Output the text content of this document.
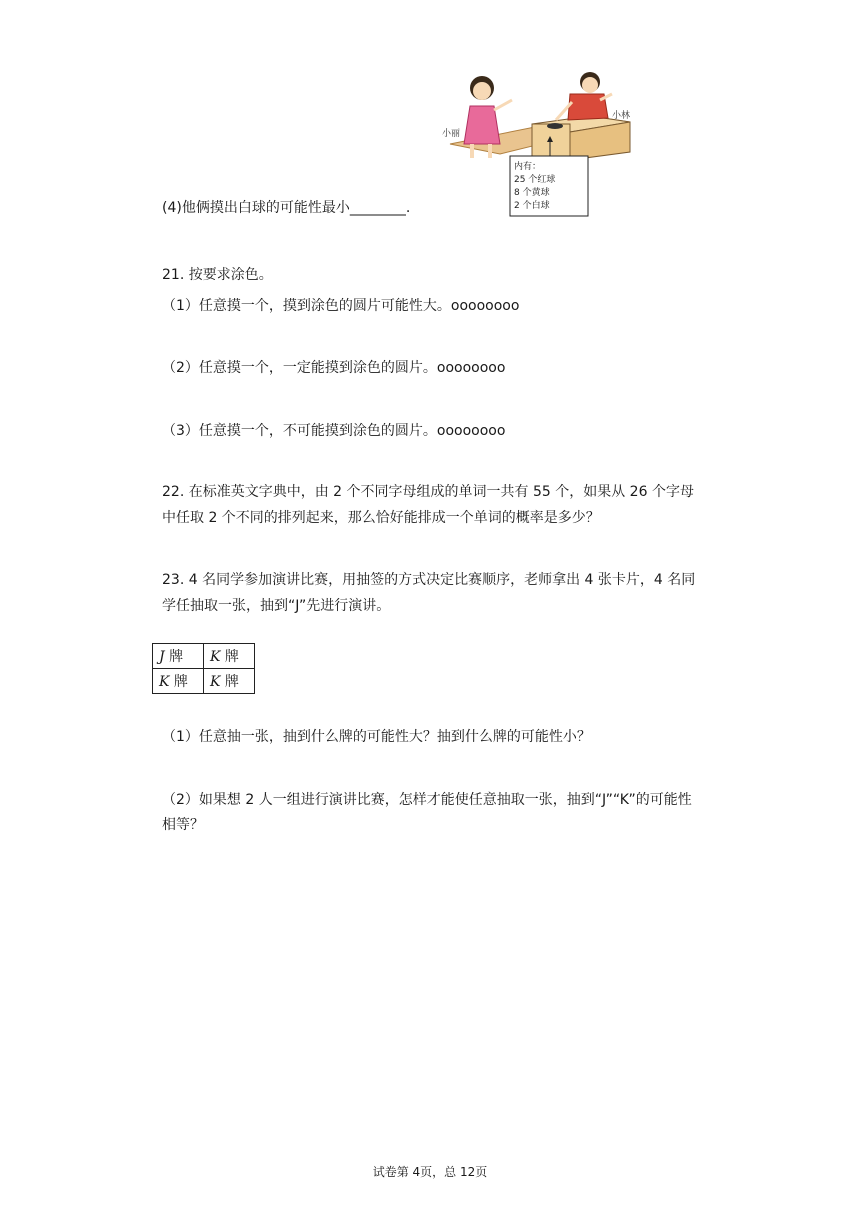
小丽
小林
内有：
25 个红球
8 个黄球
2 个白球
(4)他俩摸出白球的可能性最小________.
21. 按要求涂色。
（1）任意摸一个，摸到涂色的圆片可能性大。oooooooo
（2）任意摸一个，一定能摸到涂色的圆片。oooooooo
（3）任意摸一个，不可能摸到涂色的圆片。oooooooo
22. 在标准英文字典中，由 2 个不同字母组成的单词一共有 55 个，如果从 26 个字母
中任取 2 个不同的排列起来，那么恰好能排成一个单词的概率是多少？
23. 4 名同学参加演讲比赛，用抽签的方式决定比赛顺序，老师拿出 4 张卡片，4 名同
学任抽取一张，抽到“J”先进行演讲。
J 牌	K 牌
K 牌	K 牌
（1）任意抽一张，抽到什么牌的可能性大？抽到什么牌的可能性小？
（2）如果想 2 人一组进行演讲比赛，怎样才能使任意抽取一张，抽到“J”“K”的可能性
相等？
试卷第 4页，总 12页
